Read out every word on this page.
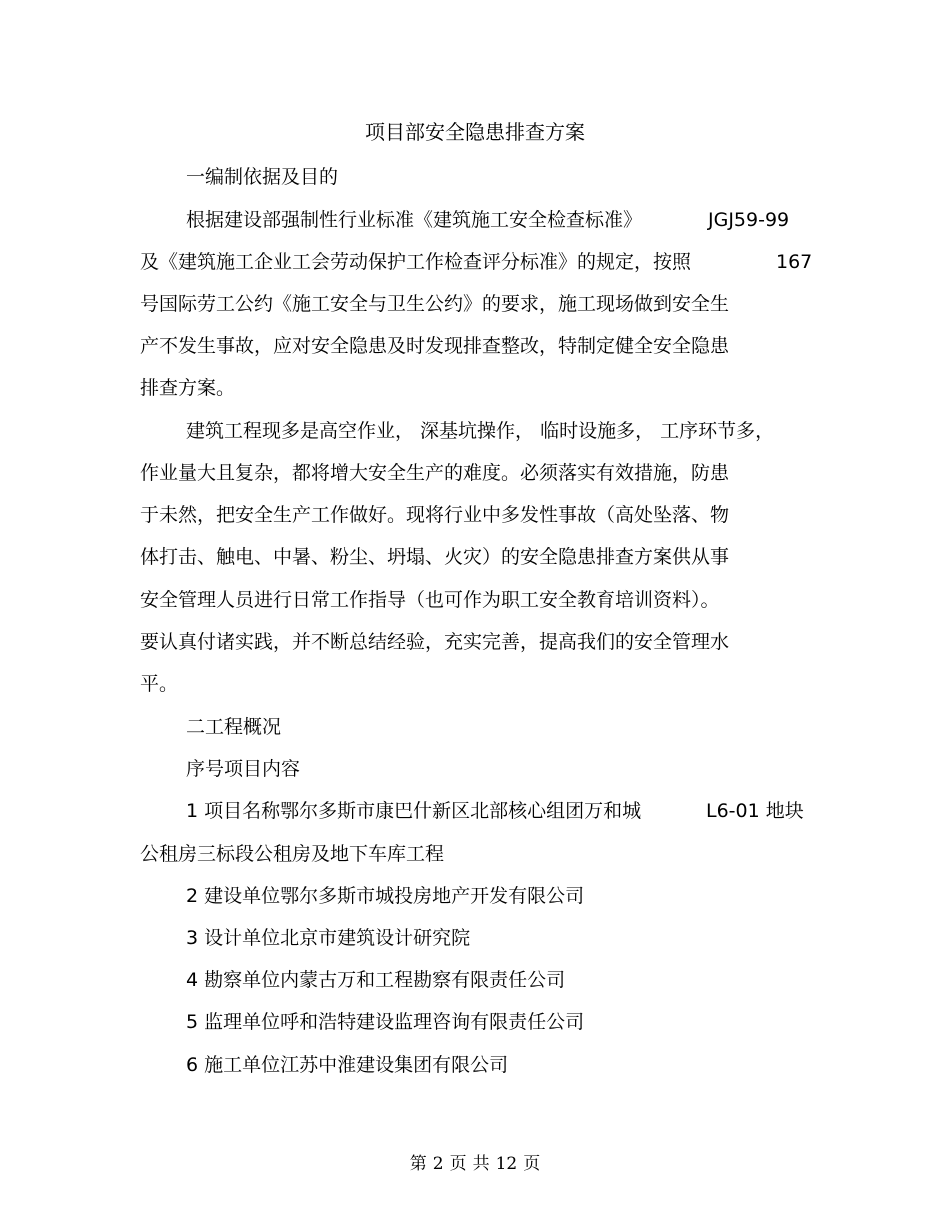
项目部安全隐患排查方案
一编制依据及目的
根据建设部强制性行业标准《建筑施工安全检查标准》	JGJ59-99
及《建筑施工企业工会劳动保护工作检查评分标准》的规定，按照	167
号国际劳工公约《施工安全与卫生公约》的要求，施工现场做到安全生
产不发生事故，应对安全隐患及时发现排查整改，特制定健全安全隐患
排查方案。
建筑工程现多是高空作业， 深基坑操作， 临时设施多， 工序环节多，
作业量大且复杂，都将增大安全生产的难度。必须落实有效措施，防患
于未然，把安全生产工作做好。现将行业中多发性事故（高处坠落、物
体打击、触电、中暑、粉尘、坍塌、火灾）的安全隐患排查方案供从事
安全管理人员进行日常工作指导（也可作为职工安全教育培训资料）。
要认真付诸实践，并不断总结经验，充实完善，提高我们的安全管理水
平。
二工程概况
序号项目内容
1 项目名称鄂尔多斯市康巴什新区北部核心组团万和城	L6-01 地块
公租房三标段公租房及地下车库工程
2 建设单位鄂尔多斯市城投房地产开发有限公司
3 设计单位北京市建筑设计研究院
4 勘察单位内蒙古万和工程勘察有限责任公司
5 监理单位呼和浩特建设监理咨询有限责任公司
6 施工单位江苏中淮建设集团有限公司
第 2 页 共 12 页
